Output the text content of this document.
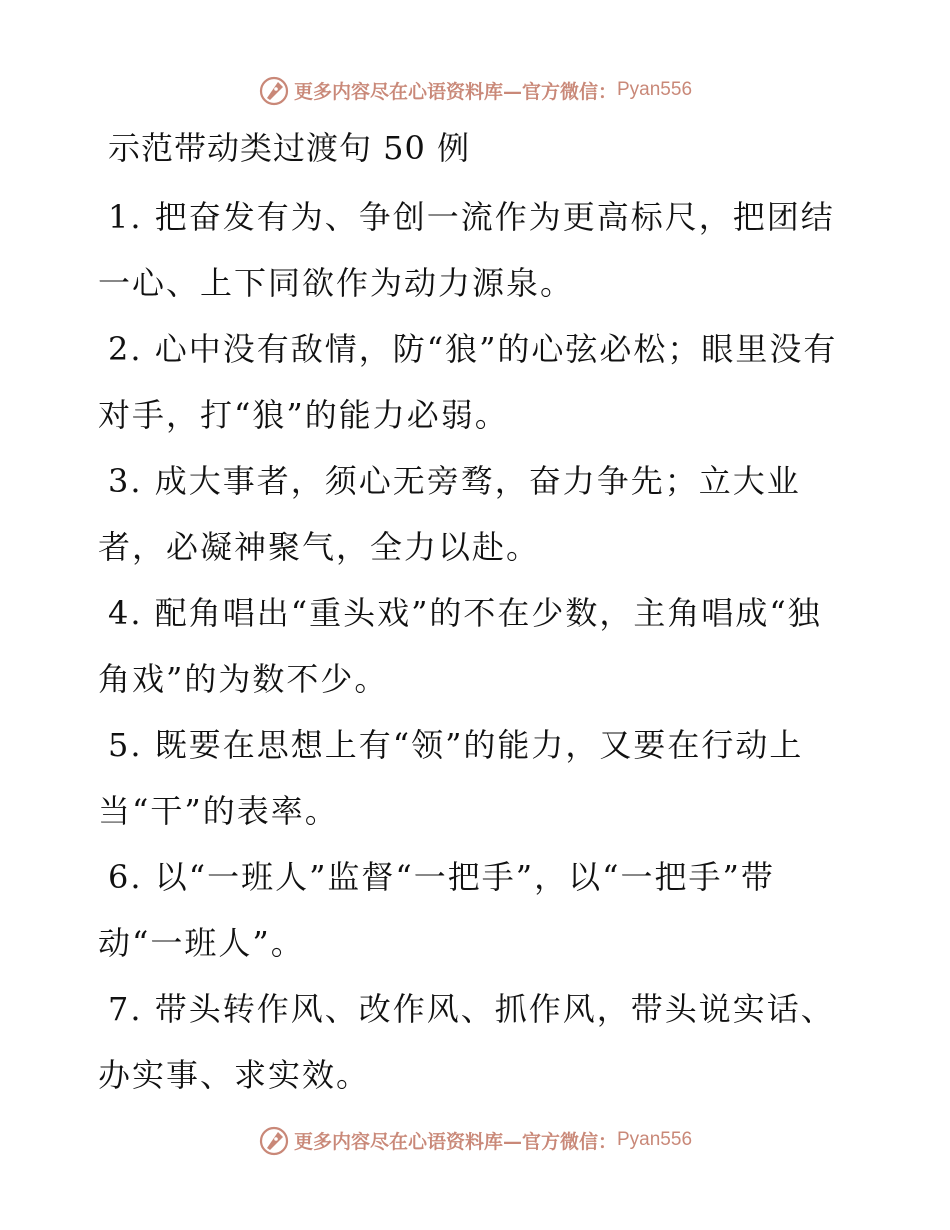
更多内容尽在心语资料库—官方微信： Pyan556
示范带动类过渡句 50 例

1. 把奋发有为、争创一流作为更高标尺，把团结一心、上下同欲作为动力源泉。

2. 心中没有敌情，防“狼”的心弦必松；眼里没有对手，打“狼”的能力必弱。

3. 成大事者，须心无旁骛，奋力争先；立大业者，必凝神聚气，全力以赴。

4. 配角唱出“重头戏”的不在少数，主角唱成“独角戏”的为数不少。

5. 既要在思想上有“领”的能力，又要在行动上当“干”的表率。

6. 以“一班人”监督“一把手”，以“一把手”带动“一班人”。

7. 带头转作风、改作风、抓作风，带头说实话、办实事、求实效。

更多内容尽在心语资料库—官方微信： Pyan556
